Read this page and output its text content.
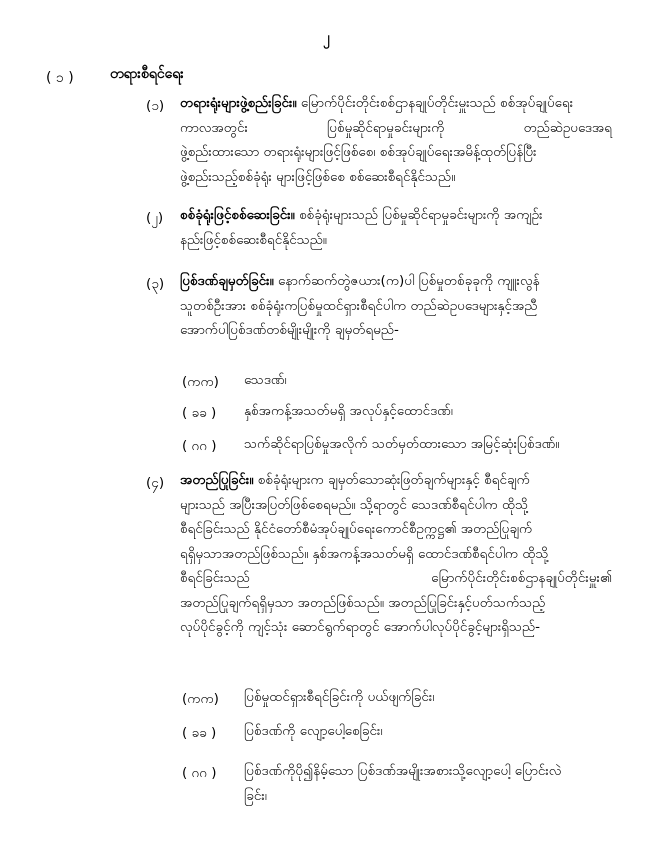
၂
( ၁ )	တရားစီရင်ရေး
(၁) တရားရုံးများဖွဲ့စည်းခြင်း။ မြောက်ပိုင်းတိုင်းစစ်ဌာနချုပ်တိုင်းမှူးသည် စစ်အုပ်ချုပ်ရေး
ကာလအတွင်း ပြစ်မှုဆိုင်ရာမှုခင်းများကို တည်ဆဲဥပဒေအရ
ဖွဲ့စည်းထားသော တရားရုံးများဖြင့်ဖြစ်စေ၊ စစ်အုပ်ချုပ်ရေးအမိန့်ထုတ်ပြန်ပြီး
ဖွဲ့စည်းသည့်စစ်ခုံရုံး များဖြင့်ဖြစ်စေ စစ်ဆေးစီရင်နိုင်သည်။
(၂) စစ်ခုံရုံးဖြင့်စစ်ဆေးခြင်း။ စစ်ခုံရုံးများသည် ပြစ်မှုဆိုင်ရာမှုခင်းများကို အကျဉ်း
နည်းဖြင့်စစ်ဆေးစီရင်နိုင်သည်။
(၃) ပြစ်ဒဏ်ချမှတ်ခြင်း။ နောက်ဆက်တွဲဇယား(က)ပါ ပြစ်မှုတစ်ခုခုကို ကျူးလွန်
သူတစ်ဦးအား စစ်ခုံရုံးကပြစ်မှုထင်ရှားစီရင်ပါက တည်ဆဲဥပဒေများနှင့်အညီ
အောက်ပါပြစ်ဒဏ်တစ်မျိုးမျိုးကို ချမှတ်ရမည်-
(ကက) သေဒဏ်၊
( ခခ ) နှစ်အကန့်အသတ်မရှိ အလုပ်နှင့်ထောင်ဒဏ်၊
( ဂဂ ) သက်ဆိုင်ရာပြစ်မှုအလိုက် သတ်မှတ်ထားသော အမြင့်ဆုံးပြစ်ဒဏ်။
(၄) အတည်ပြုခြင်း။ စစ်ခုံရုံးများက ချမှတ်သောဆုံးဖြတ်ချက်များနှင့် စီရင်ချက်
များသည် အပြီးအပြတ်ဖြစ်စေရမည်။ သို့ရာတွင် သေဒဏ်စီရင်ပါက ထိုသို့
စီရင်ခြင်းသည် နိုင်ငံတော်စီမံအုပ်ချုပ်ရေးကောင်စီဥက္ကဋ္ဌ၏ အတည်ပြုချက်
ရရှိမှသာအတည်ဖြစ်သည်။ နှစ်အကန့်အသတ်မရှိ ထောင်ဒဏ်စီရင်ပါက ထိုသို့
စီရင်ခြင်းသည် မြောက်ပိုင်းတိုင်းစစ်ဌာနချုပ်တိုင်းမှူး၏
အတည်ပြုချက်ရရှိမှသာ အတည်ဖြစ်သည်။ အတည်ပြုခြင်းနှင့်ပတ်သက်သည့်
လုပ်ပိုင်ခွင့်ကို ကျင့်သုံး ဆောင်ရွက်ရာတွင် အောက်ပါလုပ်ပိုင်ခွင့်များရှိသည်-
(ကက) ပြစ်မှုထင်ရှားစီရင်ခြင်းကို ပယ်ဖျက်ခြင်း၊
( ခခ ) ပြစ်ဒဏ်ကို လျော့ပေါ့စေခြင်း၊
( ဂဂ ) ပြစ်ဒဏ်ကိုပို၍နိမ့်သော ပြစ်ဒဏ်အမျိုးအစားသို့လျော့ပေါ့ ပြောင်းလဲ
ခြင်း၊
